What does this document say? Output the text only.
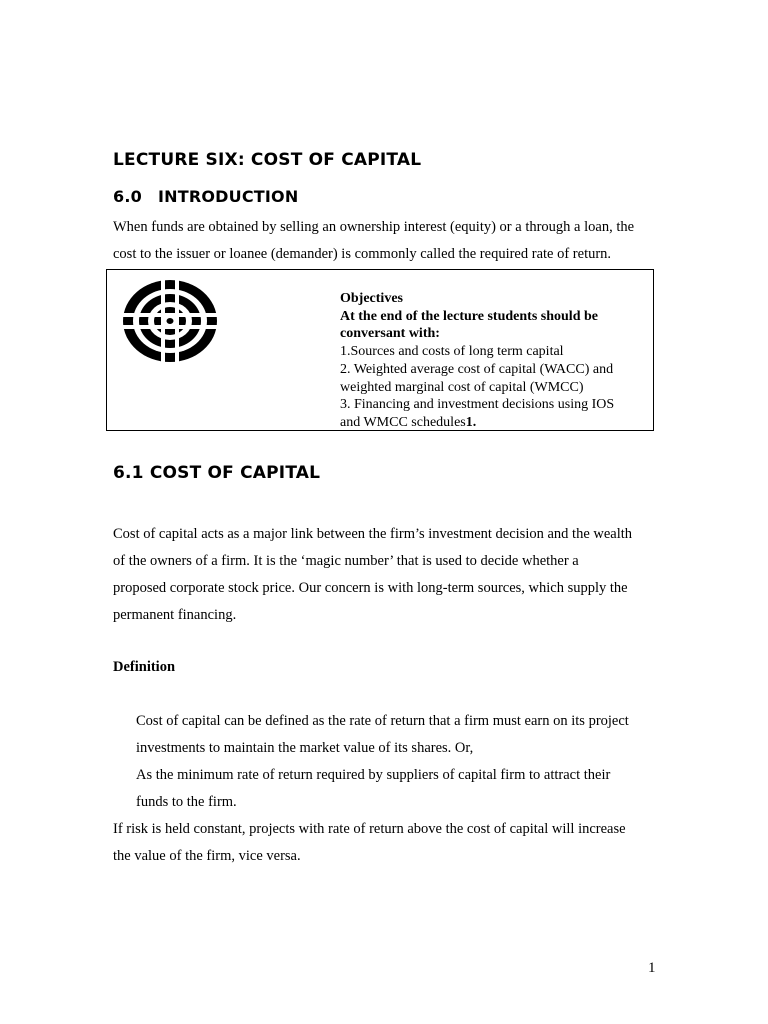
LECTURE SIX: COST OF CAPITAL
6.0 INTRODUCTION
When funds are obtained by selling an ownership interest (equity) or a through a loan, the
cost to the issuer or loanee (demander) is commonly called the required rate of return.
Objectives
At the end of the lecture students should be
conversant with:
1.Sources and costs of long term capital
2. Weighted average cost of capital (WACC) and
weighted marginal cost of capital (WMCC)
3. Financing and investment decisions using IOS
and WMCC schedules1.
6.1 COST OF CAPITAL
Cost of capital acts as a major link between the firm’s investment decision and the wealth
of the owners of a firm. It is the ‘magic number’ that is used to decide whether a
proposed corporate stock price. Our concern is with long-term sources, which supply the
permanent financing.
Definition
Cost of capital can be defined as the rate of return that a firm must earn on its project
investments to maintain the market value of its shares. Or,
As the minimum rate of return required by suppliers of capital firm to attract their
funds to the firm.
If risk is held constant, projects with rate of return above the cost of capital will increase
the value of the firm, vice versa.
1
